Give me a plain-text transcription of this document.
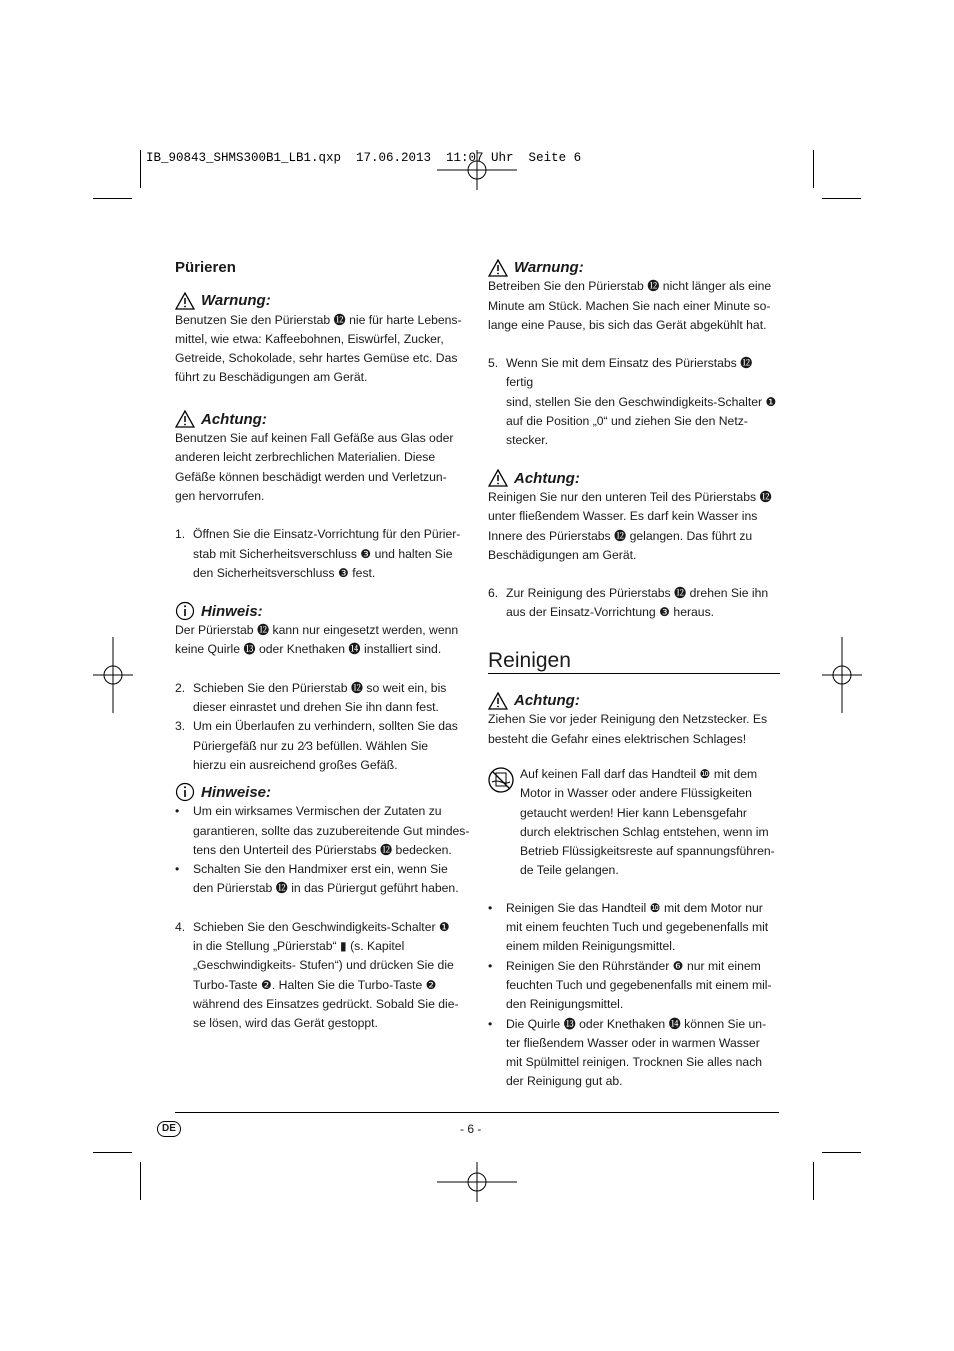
IB_90843_SHMS300B1_LB1.qxp  17.06.2013  11:07 Uhr  Seite 6
Pürieren
Warnung:

Benutzen Sie den Pürierstab ⓬ nie für harte Lebens-

mittel, wie etwa: Kaffeebohnen, Eiswürfel, Zucker,

Getreide, Schokolade, sehr hartes Gemüse etc. Das

führt zu Beschädigungen am Gerät.

Achtung:

Benutzen Sie auf keinen Fall Gefäße aus Glas oder

anderen leicht zerbrechlichen Materialien. Diese

Gefäße können beschädigt werden und Verletzun-

gen hervorrufen.

1. Öffnen Sie die Einsatz-Vorrichtung für den Pürier-

stab mit Sicherheitsverschluss ❸ und halten Sie

den Sicherheitsverschluss ❸ fest.

Hinweis:

Der Pürierstab ⓬ kann nur eingesetzt werden, wenn

keine Quirle ⓭ oder Knethaken ⓮ installiert sind.

2. Schieben Sie den Pürierstab ⓬ so weit ein, bis

dieser einrastet und drehen Sie ihn dann fest.

3. Um ein Überlaufen zu verhindern, sollten Sie das

Püriergefäß nur zu 2⁄3 befüllen. Wählen Sie

hierzu ein ausreichend großes Gefäß.

Hinweise:
•	Um ein wirksames Vermischen der Zutaten zu

garantieren, sollte das zuzubereitende Gut mindes-

tens den Unterteil des Pürierstabs ⓬ bedecken.

•	Schalten Sie den Handmixer erst ein, wenn Sie

den Pürierstab ⓬ in das Püriergut geführt haben.

4. Schieben Sie den Geschwindigkeits-Schalter ❶

in die Stellung „Pürierstab“ ▮ (s. Kapitel

„Geschwindigkeits- Stufen“) und drücken Sie die

Turbo-Taste ❷. Halten Sie die Turbo-Taste ❷

während des Einsatzes gedrückt. Sobald Sie die-

se lösen, wird das Gerät gestoppt.

Warnung:

Betreiben Sie den Pürierstab ⓬ nicht länger als eine

Minute am Stück. Machen Sie nach einer Minute so-

lange eine Pause, bis sich das Gerät abgekühlt hat.

5. Wenn Sie mit dem Einsatz des Pürierstabs ⓬ fertig

sind, stellen Sie den Geschwindigkeits-Schalter ❶

auf die Position „0“ und ziehen Sie den Netz-

stecker.

Achtung:

Reinigen Sie nur den unteren Teil des Pürierstabs ⓬

unter fließendem Wasser. Es darf kein Wasser ins

Innere des Pürierstabs ⓬ gelangen. Das führt zu

Beschädigungen am Gerät.

6. Zur Reinigung des Pürierstabs ⓬ drehen Sie ihn

aus der Einsatz-Vorrichtung ❸ heraus.

Reinigen
Achtung:

Ziehen Sie vor jeder Reinigung den Netzstecker. Es

besteht die Gefahr eines elektrischen Schlages!

Auf keinen Fall darf das Handteil ❿ mit dem

Motor in Wasser oder andere Flüssigkeiten

getaucht werden! Hier kann Lebensgefahr

durch elektrischen Schlag entstehen, wenn im

Betrieb Flüssigkeitsreste auf spannungsführen-

de Teile gelangen.

•	Reinigen Sie das Handteil ❿ mit dem Motor nur

mit einem feuchten Tuch und gegebenenfalls mit

einem milden Reinigungsmittel.

•	Reinigen Sie den Rührständer ❻ nur mit einem

feuchten Tuch und gegebenenfalls mit einem mil-

den Reinigungsmittel.

•	Die Quirle ⓭ oder Knethaken ⓮ können Sie un-

ter fließendem Wasser oder in warmen Wasser

mit Spülmittel reinigen. Trocknen Sie alles nach

der Reinigung gut ab.

DE	- 6 -
